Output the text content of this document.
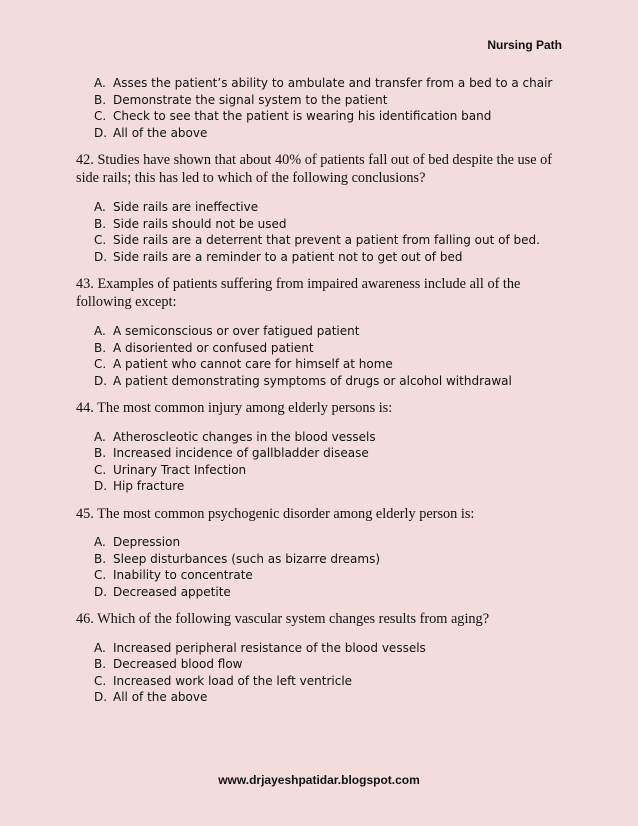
Nursing Path
A. Asses the patient’s ability to ambulate and transfer from a bed to a chair
B. Demonstrate the signal system to the patient
C. Check to see that the patient is wearing his identification band
D. All of the above

42. Studies have shown that about 40% of patients fall out of bed despite the use of side rails; this has led to which of the following conclusions?

A. Side rails are ineffective
B. Side rails should not be used
C. Side rails are a deterrent that prevent a patient from falling out of bed.
D. Side rails are a reminder to a patient not to get out of bed

43. Examples of patients suffering from impaired awareness include all of the following except:

A. A semiconscious or over fatigued patient
B. A disoriented or confused patient
C. A patient who cannot care for himself at home
D. A patient demonstrating symptoms of drugs or alcohol withdrawal

44. The most common injury among elderly persons is:

A. Atheroscleotic changes in the blood vessels
B. Increased incidence of gallbladder disease
C. Urinary Tract Infection
D. Hip fracture

45. The most common psychogenic disorder among elderly person is:

A. Depression
B. Sleep disturbances (such as bizarre dreams)
C. Inability to concentrate
D. Decreased appetite

46. Which of the following vascular system changes results from aging?

A. Increased peripheral resistance of the blood vessels
B. Decreased blood flow
C. Increased work load of the left ventricle
D. All of the above
www.drjayeshpatidar.blogspot.com
